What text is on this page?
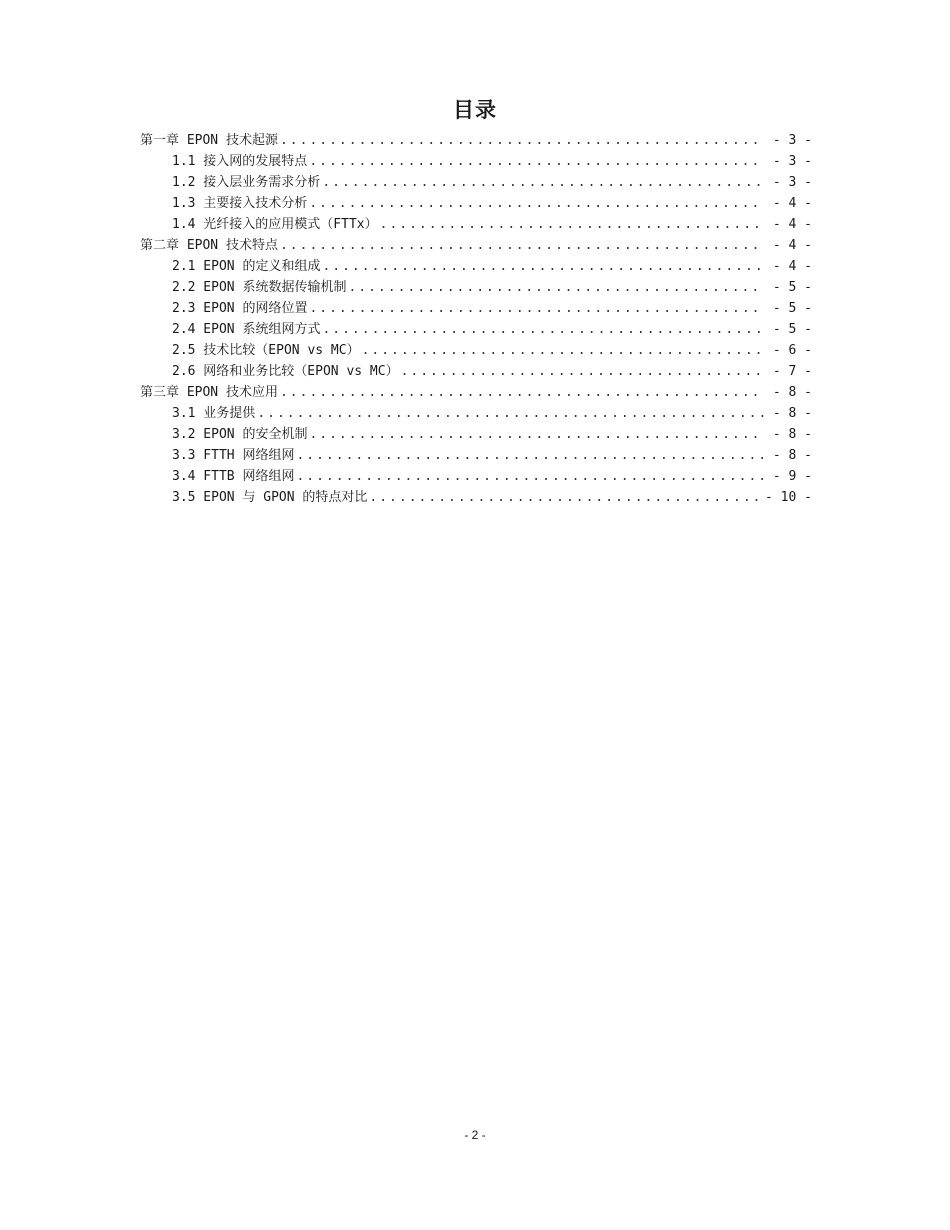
目录
第一章 EPON 技术起源 .....	- 3 -
1.1 接入网的发展特点 .....	- 3 -
1.2 接入层业务需求分析 .....	- 3 -
1.3 主要接入技术分析 .....	- 4 -
1.4 光纤接入的应用模式（FTTx） .....	- 4 -
第二章 EPON 技术特点 .....	- 4 -
2.1 EPON 的定义和组成 .....	- 4 -
2.2 EPON 系统数据传输机制 .....	- 5 -
2.3 EPON 的网络位置 .....	- 5 -
2.4 EPON 系统组网方式 .....	- 5 -
2.5 技术比较（EPON vs MC） .....	- 6 -
2.6 网络和业务比较（EPON vs MC） .....	- 7 -
第三章 EPON 技术应用 .....	- 8 -
3.1 业务提供 .....	- 8 -
3.2 EPON 的安全机制 .....	- 8 -
3.3 FTTH 网络组网 .....	- 8 -
3.4 FTTB 网络组网 .....	- 9 -
3.5 EPON 与 GPON 的特点对比 .....	- 10 -
- 2 -
